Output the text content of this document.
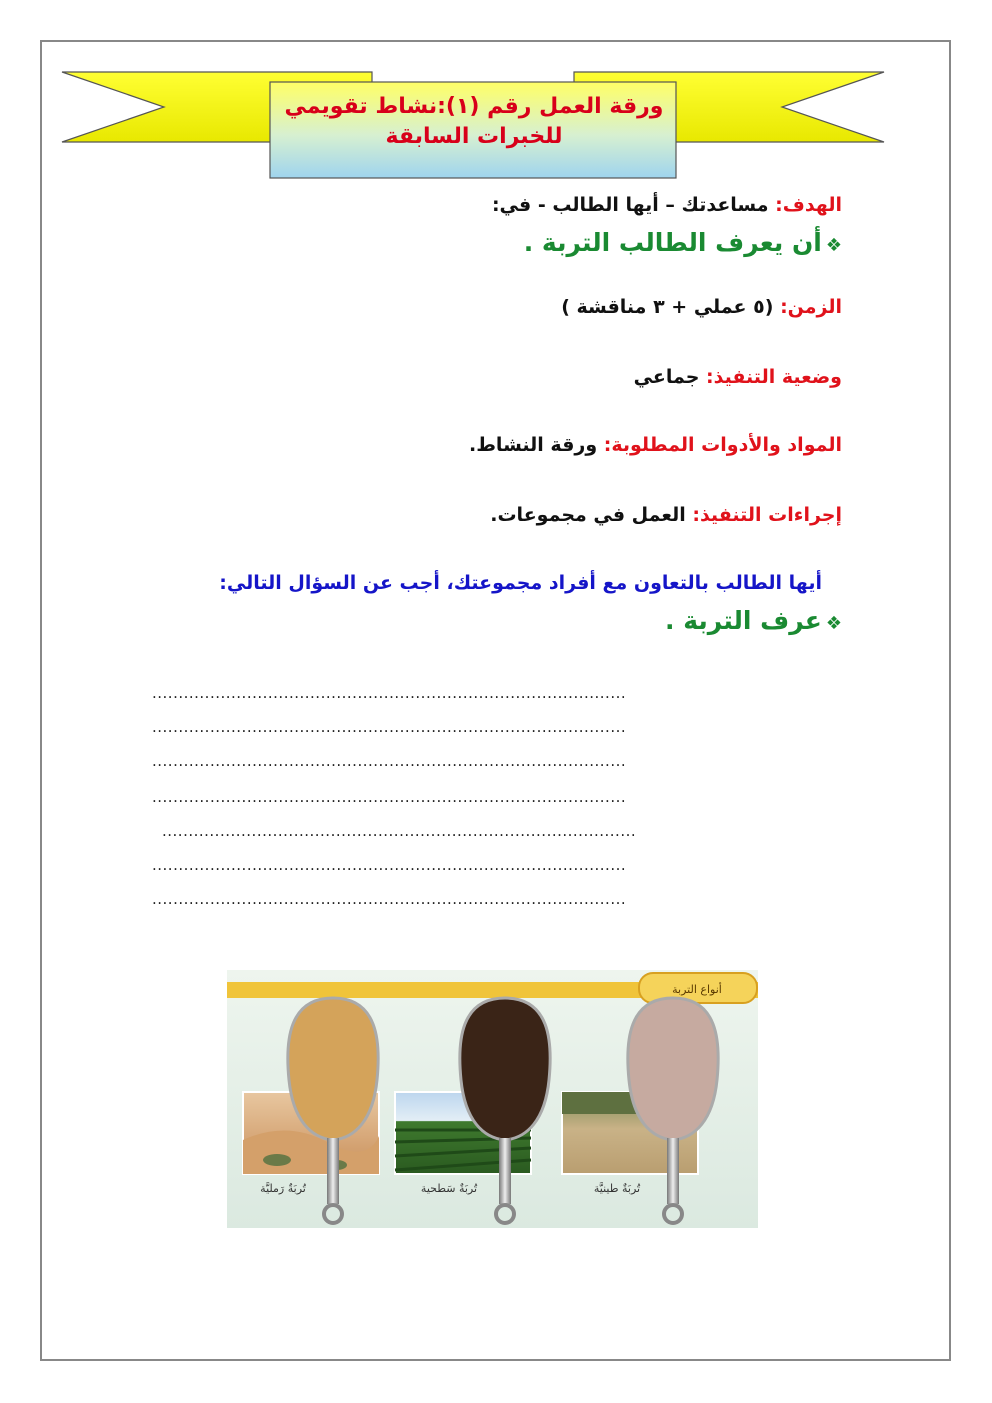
ورقة العمل رقم (١):نشاط تقويمي
للخبرات السابقة
الهدف: مساعدتك – أيها الطالب - في:
❖أن يعرف الطالب التربة .
الزمن: (٥ عملي + ٣ مناقشة )
وضعية التنفيذ: جماعي
المواد والأدوات المطلوبة: ورقة النشاط.
إجراءات التنفيذ: العمل في مجموعات.
أيها الطالب بالتعاون مع أفراد مجموعتك، أجب عن السؤال التالي:
❖عرف التربة .
..........................................................................................
..........................................................................................
..........................................................................................
..........................................................................................
..........................................................................................
..........................................................................................
..........................................................................................
أنواع التربة
تُربَةٌ رَمليَّة	تُربَةٌ سَطحية	تُربَةٌ طينيَّة
